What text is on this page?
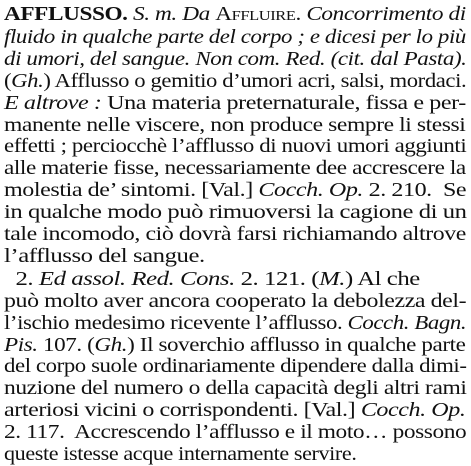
AFFLUSSO. S. m. Da Affluire. Concorrimento di
fluido in qualche parte del corpo ; e dicesi per lo più
di umori, del sangue. Non com. Red. (cit. dal Pasta).
(Gh.) Afflusso o gemitio d’umori acri, salsi, mordaci.
E altrove : Una materia preternaturale, fissa e per-
manente nelle viscere, non produce sempre li stessi
effetti ; perciocchè l’afflusso di nuovi umori aggiunti
alle materie fisse, necessariamente dee accrescere la
molestia de’ sintomi. [Val.] Cocch. Op. 2. 210.  Se
in qualche modo può rimuoversi la cagione di un
tale incomodo, ciò dovrà farsi richiamando altrove
l’afflusso del sangue.
2. Ed assol. Red. Cons. 2. 121. (M.) Al che
può molto aver ancora cooperato la debolezza del-
l’ischio medesimo ricevente l’afflusso. Cocch. Bagn.
Pis. 107. (Gh.) Il soverchio afflusso in qualche parte
del corpo suole ordinariamente dipendere dalla dimi-
nuzione del numero o della capacità degli altri rami
arteriosi vicini o corrispondenti. [Val.] Cocch. Op.
2. 117.  Accrescendo l’afflusso e il moto… possono
queste istesse acque internamente servire.
